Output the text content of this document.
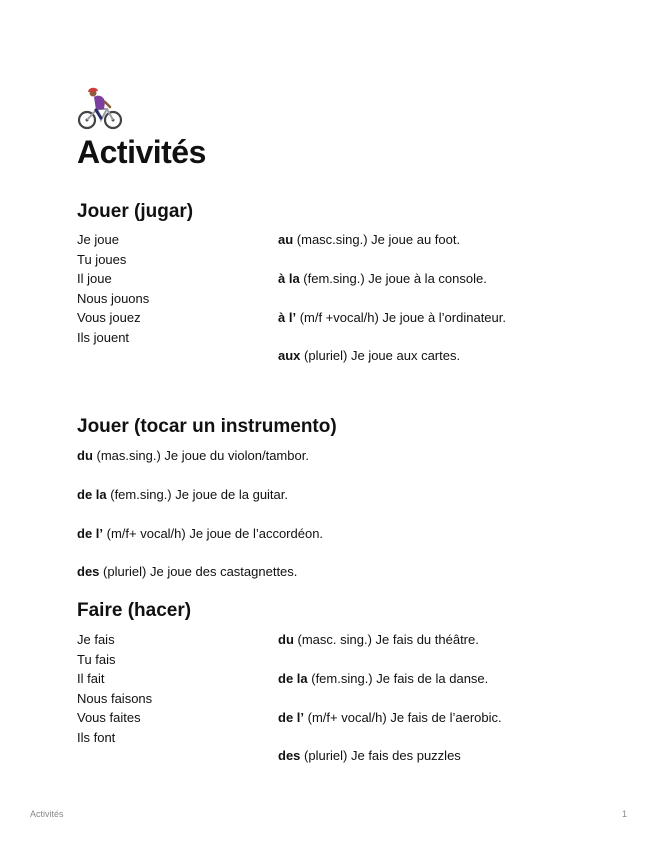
Activités
Jouer (jugar)
Je joue
Tu joues
Il joue
Nous jouons
Vous jouez
Ils jouent
au (masc.sing.) Je joue au foot.
à la (fem.sing.) Je joue à la console.
à l’ (m/f +vocal/h) Je joue à l’ordinateur.
aux (pluriel) Je joue aux cartes.
Jouer (tocar un instrumento)
du (mas.sing.) Je joue du violon/tambor.
de la (fem.sing.) Je joue de la guitar.
de l’ (m/f+ vocal/h) Je joue de l’accordéon.
des (pluriel) Je joue des castagnettes.
Faire (hacer)
Je fais
Tu fais
Il fait
Nous faisons
Vous faites
Ils font
du (masc. sing.) Je fais du théâtre.
de la (fem.sing.) Je fais de la danse.
de l’ (m/f+ vocal/h) Je fais de l’aerobic.
des (pluriel) Je fais des puzzles
Activités	1
